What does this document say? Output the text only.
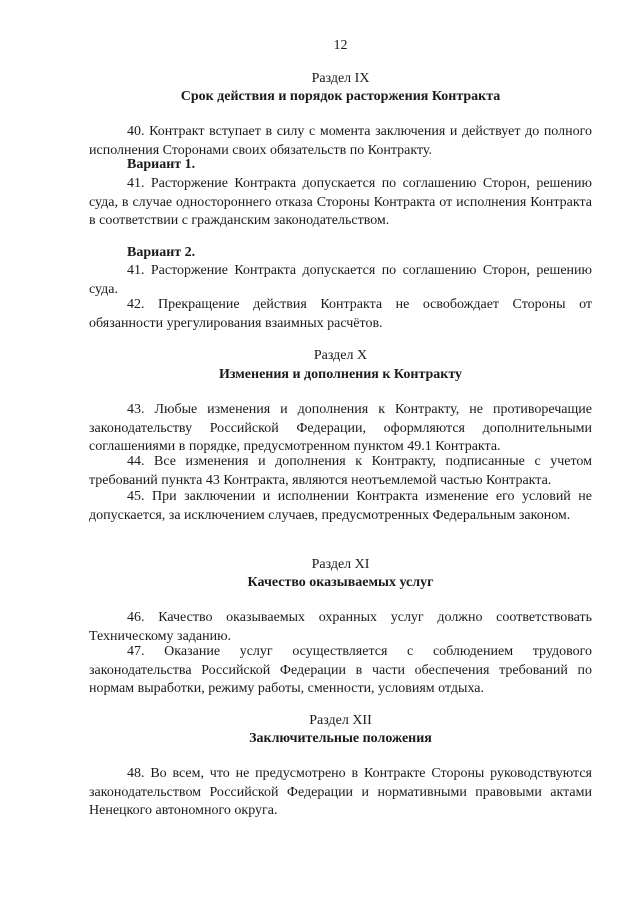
12
Раздел IX
Срок действия и порядок расторжения Контракта

40. Контракт вступает в силу с момента заключения и действует до полного исполнения Сторонами своих обязательств по Контракту.

Вариант 1.

41. Расторжение Контракта допускается по соглашению Сторон, решению суда, в случае одностороннего отказа Стороны Контракта от исполнения Контракта в соответствии с гражданским законодательством.

Вариант 2.

41. Расторжение Контракта допускается по соглашению Сторон, решению суда.

42. Прекращение действия Контракта не освобождает Стороны от обязанности урегулирования взаимных расчётов.

Раздел X
Изменения и дополнения к Контракту

43. Любые изменения и дополнения к Контракту, не противоречащие законодательству Российской Федерации, оформляются дополнительными соглашениями в порядке, предусмотренном пунктом 49.1 Контракта.

44. Все изменения и дополнения к Контракту, подписанные с учетом требований пункта 43 Контракта, являются неотъемлемой частью Контракта.

45. При заключении и исполнении Контракта изменение его условий не допускается, за исключением случаев, предусмотренных Федеральным законом.

Раздел XI
Качество оказываемых услуг

46. Качество оказываемых охранных услуг должно соответствовать Техническому заданию.

47. Оказание услуг осуществляется с соблюдением трудового законодательства Российской Федерации в части обеспечения требований по нормам выработки, режиму работы, сменности, условиям отдыха.

Раздел XII
Заключительные положения

48. Во всем, что не предусмотрено в Контракте Стороны руководствуются законодательством Российской Федерации и нормативными правовыми актами Ненецкого автономного округа.
